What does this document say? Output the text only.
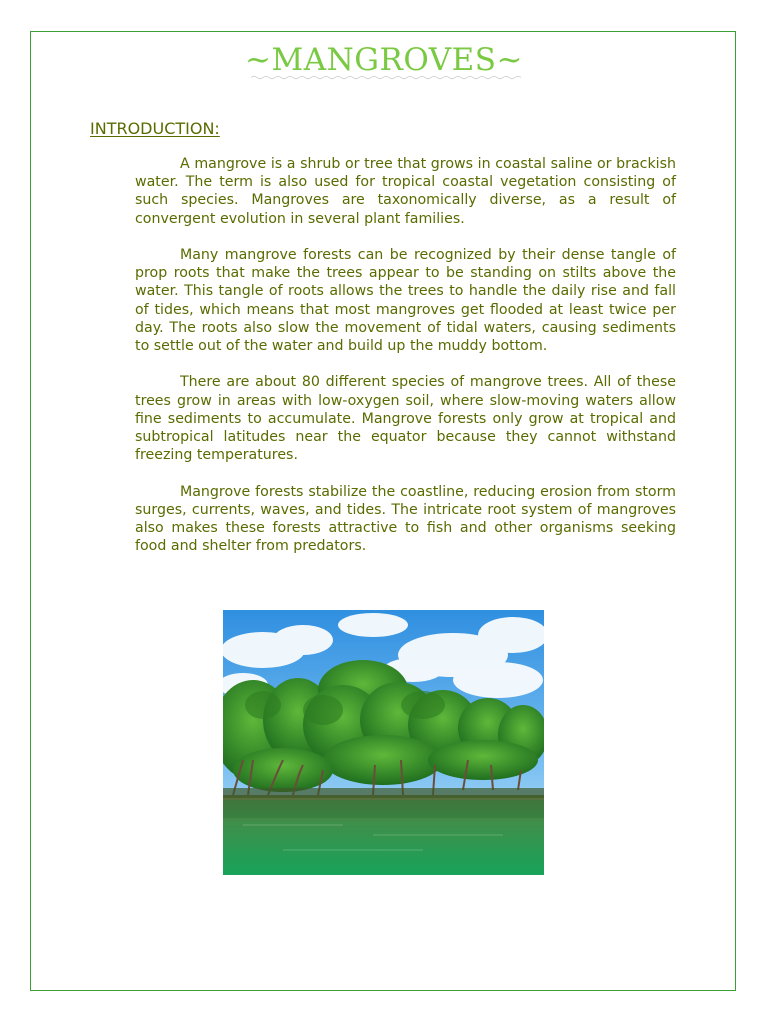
~MANGROVES~
INTRODUCTION:

A mangrove is a shrub or tree that grows in coastal saline or brackish water. The term is also used for tropical coastal vegetation consisting of such species. Mangroves are taxonomically diverse, as a result of convergent evolution in several plant families.

Many mangrove forests can be recognized by their dense tangle of prop roots that make the trees appear to be standing on stilts above the water. This tangle of roots allows the trees to handle the daily rise and fall of tides, which means that most mangroves get flooded at least twice per day. The roots also slow the movement of tidal waters, causing sediments to settle out of the water and build up the muddy bottom.

There are about 80 different species of mangrove trees. All of these trees grow in areas with low-oxygen soil, where slow-moving waters allow fine sediments to accumulate. Mangrove forests only grow at tropical and subtropical latitudes near the equator because they cannot withstand freezing temperatures.

Mangrove forests stabilize the coastline, reducing erosion from storm surges, currents, waves, and tides. The intricate root system of mangroves also makes these forests attractive to fish and other organisms seeking food and shelter from predators.
